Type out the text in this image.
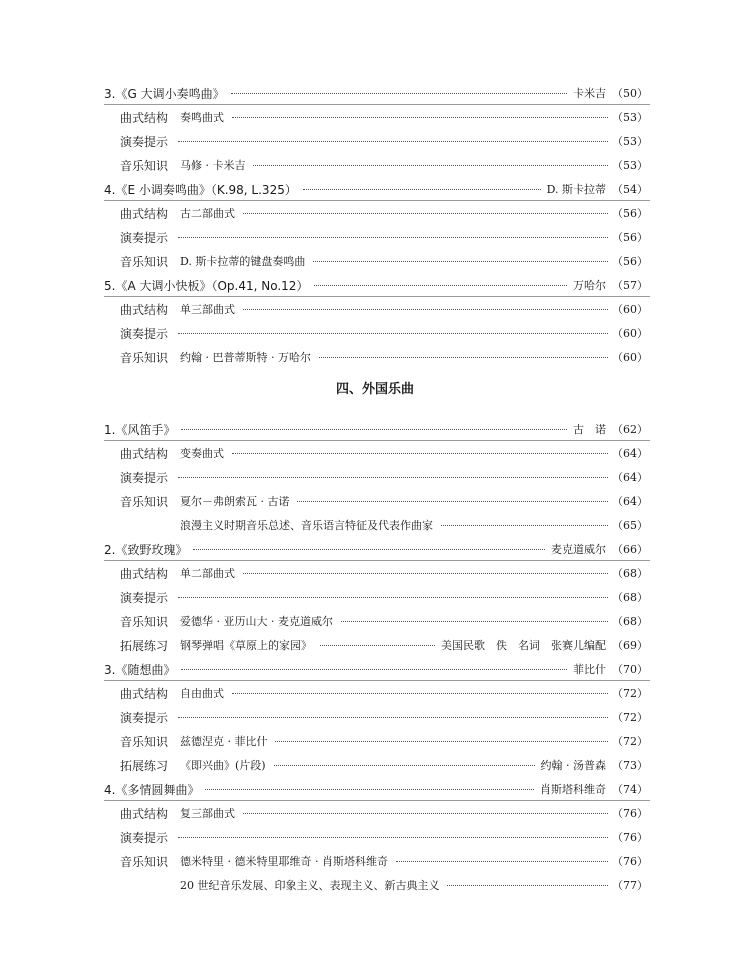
四、外国乐曲
3.《G 大调小奏鸣曲》	卡米吉 （50）
曲式结构 奏鸣曲式	（53）
演奏提示	（53）
音乐知识 马修 · 卡米吉	（53）
4.《E 小调奏鸣曲》（K.98, L.325）	D. 斯卡拉蒂 （54）
曲式结构 古二部曲式	（56）
演奏提示	（56）
音乐知识 D. 斯卡拉蒂的键盘奏鸣曲	（56）
5.《A 大调小快板》（Op.41, No.12）	万哈尔 （57）
曲式结构 单三部曲式	（60）
演奏提示	（60）
音乐知识 约翰 · 巴普蒂斯特 · 万哈尔	（60）
1.《风笛手》	古　诺 （62）
曲式结构 变奏曲式	（64）
演奏提示	（64）
音乐知识 夏尔－弗朗索瓦 · 古诺	（64）
浪漫主义时期音乐总述、音乐语言特征及代表作曲家	（65）
2.《致野玫瑰》	麦克道威尔 （66）
曲式结构 单二部曲式	（68）
演奏提示	（68）
音乐知识 爱德华 · 亚历山大 · 麦克道威尔	（68）
拓展练习 钢琴弹唱《草原上的家园》	美国民歌　佚　名词　张赛儿编配 （69）
3.《随想曲》	菲比什 （70）
曲式结构 自由曲式	（72）
演奏提示	（72）
音乐知识 兹德涅克 · 菲比什	（72）
拓展练习 《即兴曲》(片段)	约翰 · 汤普森 （73）
4.《多情圆舞曲》	肖斯塔科维奇 （74）
曲式结构 复三部曲式	（76）
演奏提示	（76）
音乐知识 德米特里 · 德米特里耶维奇 · 肖斯塔科维奇	（76）
20 世纪音乐发展、印象主义、表现主义、新古典主义	（77）
